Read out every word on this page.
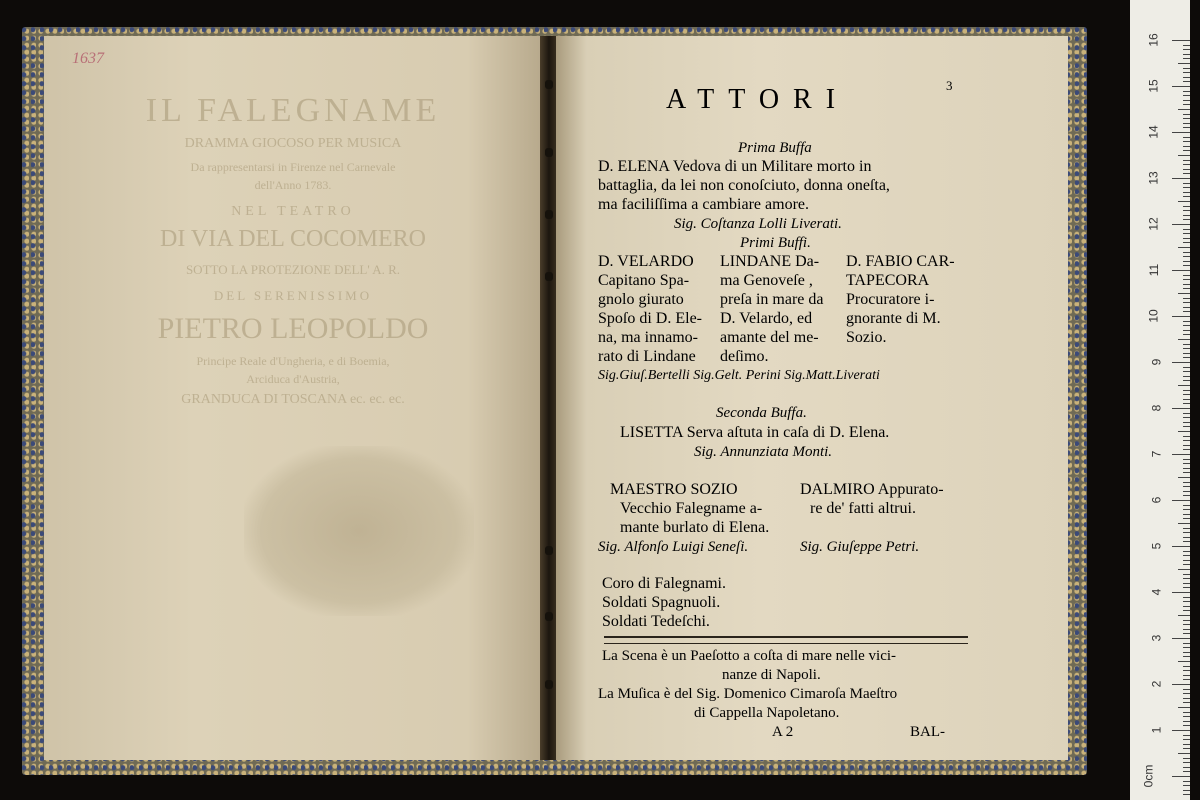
IL FALEGNAME
DRAMMA GIOCOSO PER MUSICA
Da rappresentarsi in Firenze nel Carnevale
dell'Anno 1783.
NEL TEATRO
DI VIA DEL COCOMERO
SOTTO LA PROTEZIONE DELL' A. R.
DEL SERENISSIMO
PIETRO LEOPOLDO
Principe Reale d'Ungheria, e di Boemia,
Arciduca d'Austria,
GRANDUCA DI TOSCANA ec. ec. ec.
1637
3
ATTORI
Prima Buffa
D. ELENA Vedova di un Militare morto in
battaglia, da lei non conoſciuto, donna oneſta,
ma faciliſſima a cambiare amore.
Sig. Coſtanza Lolli Liverati.
Primi Buffi.
D. VELARDO
Capitano Spa-
gnolo giurato
Spoſo di D. Ele-
na, ma innamo-
rato di Lindane
LINDANE Da-
ma Genoveſe ,
preſa in mare da
D. Velardo, ed
amante del me-
deſimo.
D. FABIO CAR-
TAPECORA
Procuratore i-
gnorante di M.
Sozio.
Sig.Giuſ.Bertelli Sig.Gelt. Perini Sig.Matt.Liverati
Seconda Buffa.
LISETTA Serva aſtuta in caſa di D. Elena.
Sig. Annunziata Monti.
MAESTRO SOZIO
Vecchio Falegname a-
mante burlato di Elena.
Sig. Alfonſo Luigi Seneſi.
DALMIRO Appurato-
re de' fatti altrui.
Sig. Giuſeppe Petri.
Coro di Falegnami.
Soldati Spagnuoli.
Soldati Tedeſchi.
La Scena è un Paeſotto a coſta di mare nelle vici-
nanze di Napoli.
La Muſica è del Sig. Domenico Cimaroſa Maeſtro
di Cappella Napoletano.
A 2	BAL-
16
15
14
13
12
11
10
9
8
7
6
5
4
3
2
1
0cm
